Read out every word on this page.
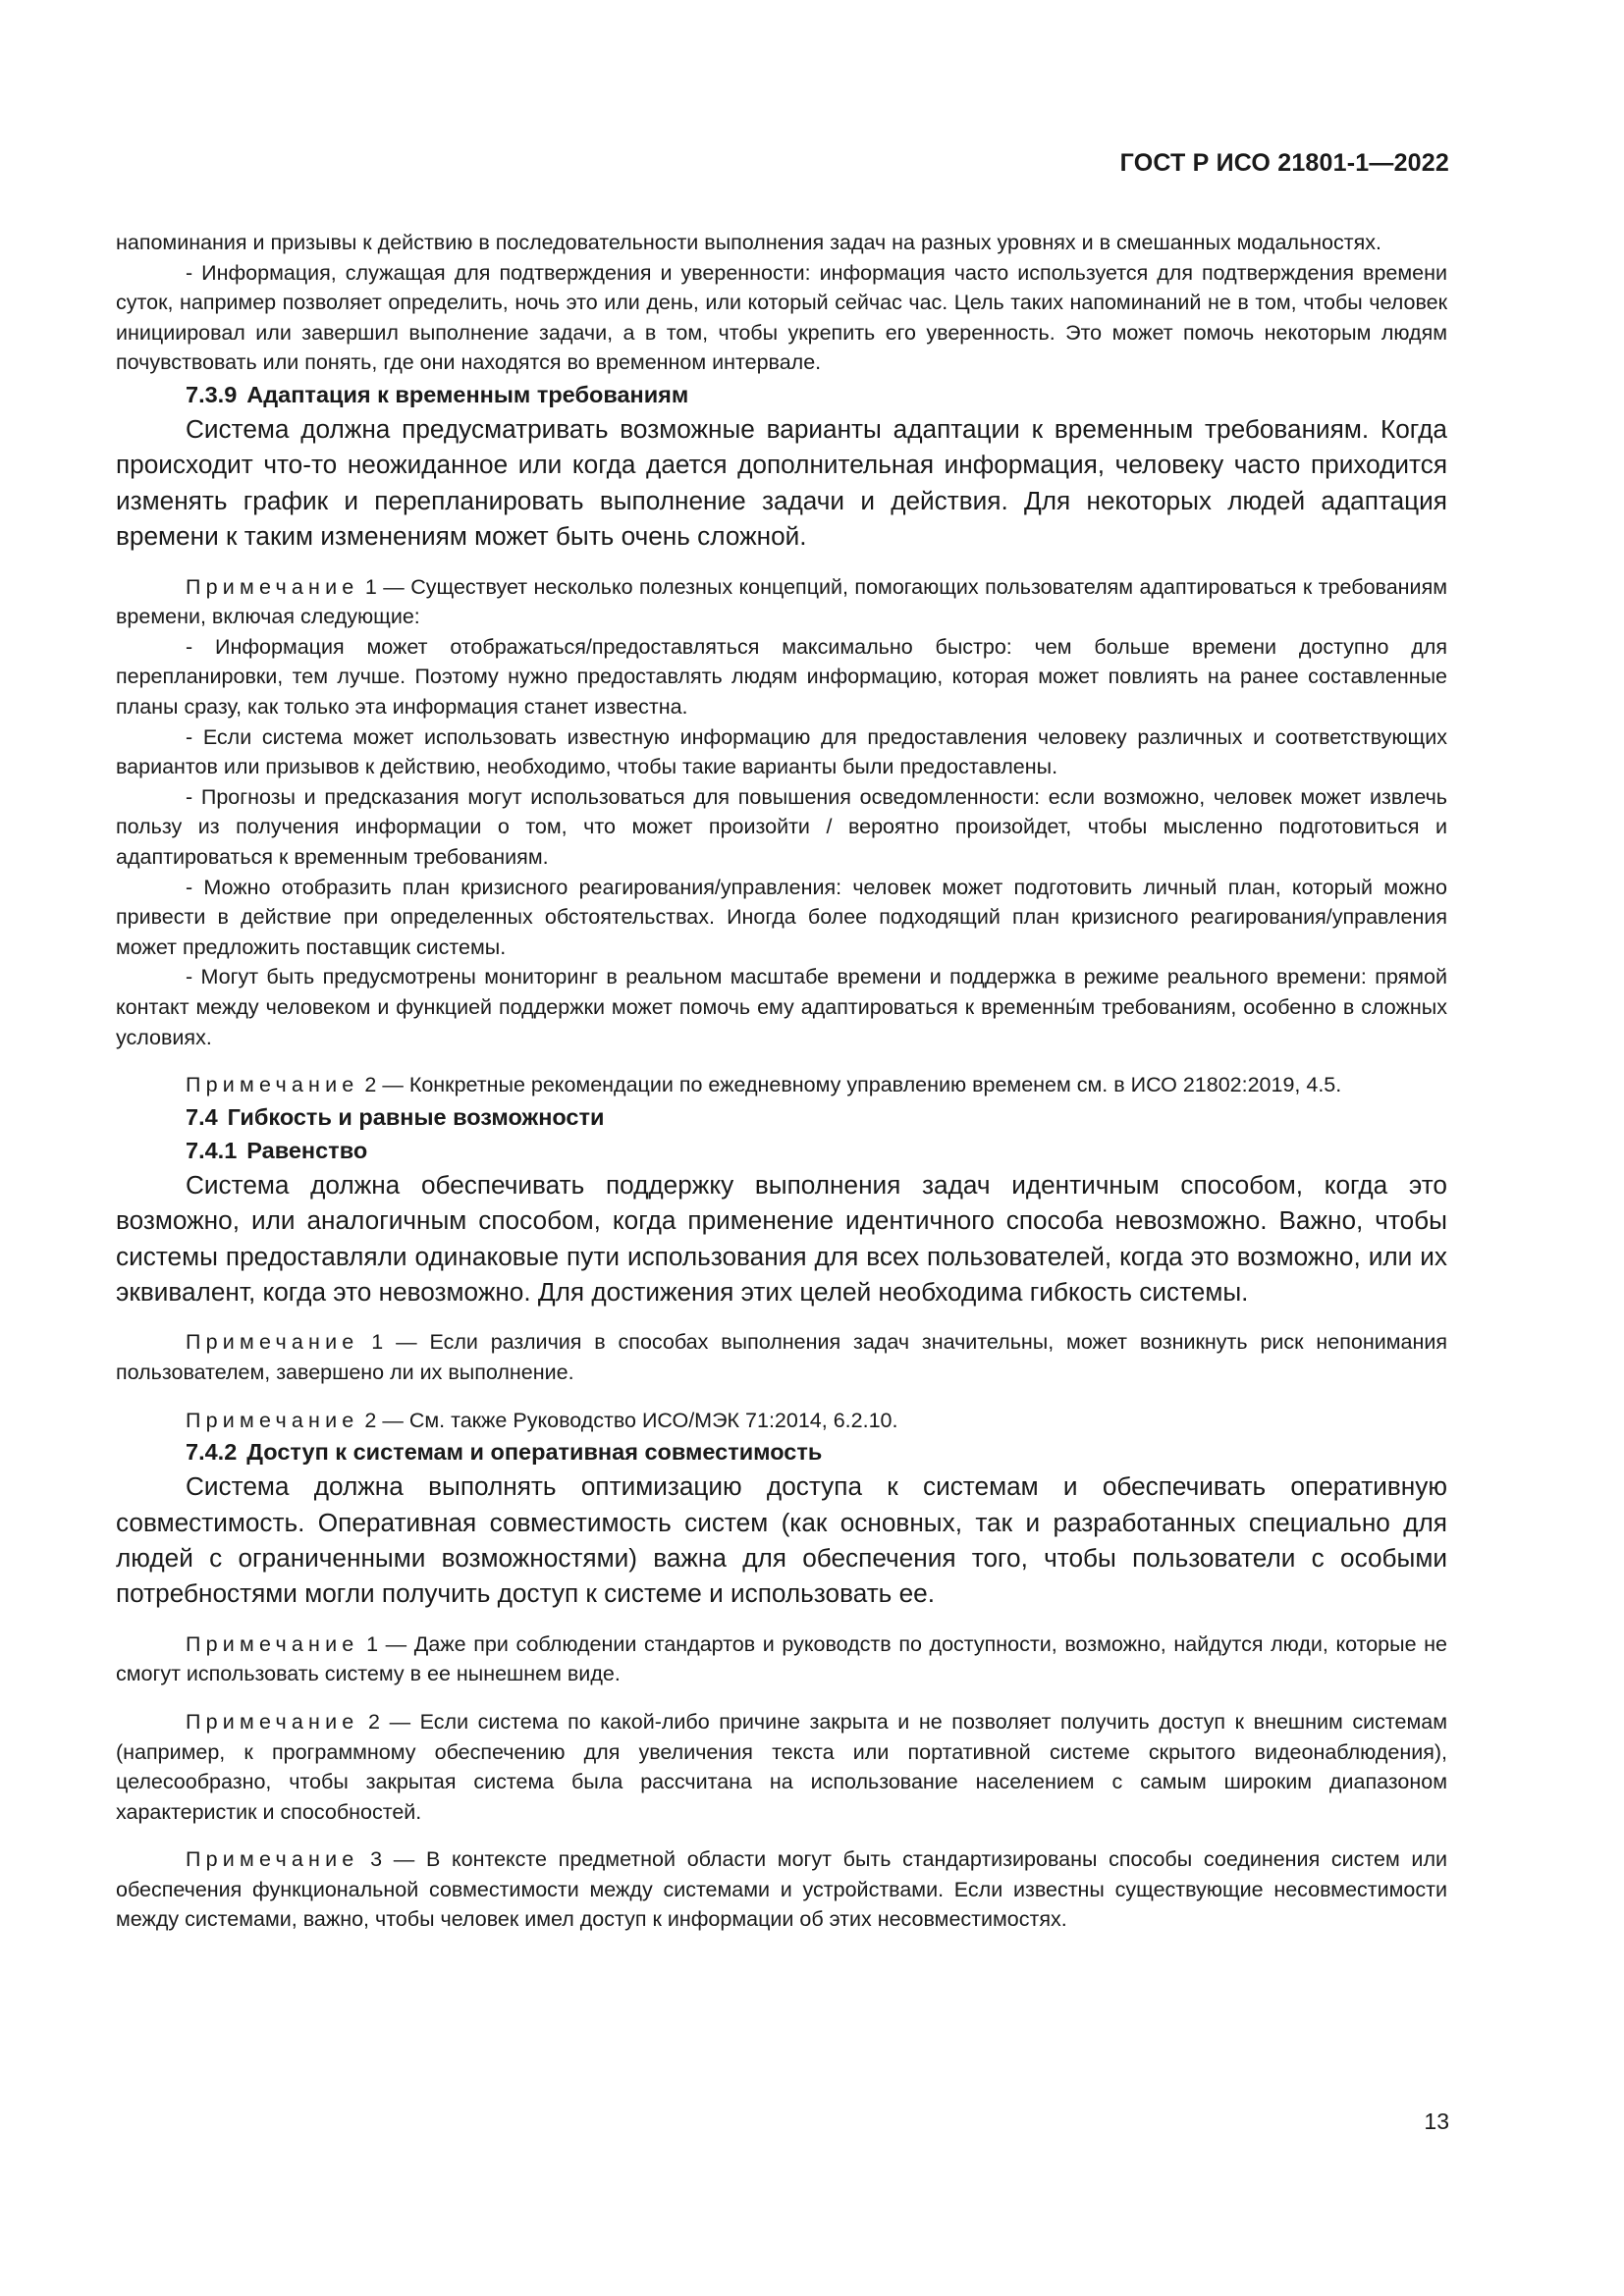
ГОСТ Р ИСО 21801-1—2022

напоминания и призывы к действию в последовательности выполнения задач на разных уровнях и в смешанных модальностях.

- Информация, служащая для подтверждения и уверенности: информация часто используется для подтверждения времени суток, например позволяет определить, ночь это или день, или который сейчас час. Цель таких напоминаний не в том, чтобы человек инициировал или завершил выполнение задачи, а в том, чтобы укрепить его уверенность. Это может помочь некоторым людям почувствовать или понять, где они находятся во временном интервале.

7.3.9 Адаптация к временным требованиям

Система должна предусматривать возможные варианты адаптации к временным требованиям. Когда происходит что-то неожиданное или когда дается дополнительная информация, человеку часто приходится изменять график и перепланировать выполнение задачи и действия. Для некоторых людей адаптация времени к таким изменениям может быть очень сложной.

Примечание 1 — Существует несколько полезных концепций, помогающих пользователям адаптироваться к требованиям времени, включая следующие:

- Информация может отображаться/предоставляться максимально быстро: чем больше времени доступно для перепланировки, тем лучше. Поэтому нужно предоставлять людям информацию, которая может повлиять на ранее составленные планы сразу, как только эта информация станет известна.

- Если система может использовать известную информацию для предоставления человеку различных и соответствующих вариантов или призывов к действию, необходимо, чтобы такие варианты были предоставлены.

- Прогнозы и предсказания могут использоваться для повышения осведомленности: если возможно, человек может извлечь пользу из получения информации о том, что может произойти / вероятно произойдет, чтобы мысленно подготовиться и адаптироваться к временным требованиям.

- Можно отобразить план кризисного реагирования/управления: человек может подготовить личный план, который можно привести в действие при определенных обстоятельствах. Иногда более подходящий план кризисного реагирования/управления может предложить поставщик системы.

- Могут быть предусмотрены мониторинг в реальном масштабе времени и поддержка в режиме реального времени: прямой контакт между человеком и функцией поддержки может помочь ему адаптироваться к временны́м требованиям, особенно в сложных условиях.

Примечание 2 — Конкретные рекомендации по ежедневному управлению временем см. в ИСО 21802:2019, 4.5.

7.4 Гибкость и равные возможности
7.4.1 Равенство

Система должна обеспечивать поддержку выполнения задач идентичным способом, когда это возможно, или аналогичным способом, когда применение идентичного способа невозможно. Важно, чтобы системы предоставляли одинаковые пути использования для всех пользователей, когда это возможно, или их эквивалент, когда это невозможно. Для достижения этих целей необходима гибкость системы.

Примечание 1 — Если различия в способах выполнения задач значительны, может возникнуть риск непонимания пользователем, завершено ли их выполнение.

Примечание 2 — См. также Руководство ИСО/МЭК 71:2014, 6.2.10.

7.4.2 Доступ к системам и оперативная совместимость

Система должна выполнять оптимизацию доступа к системам и обеспечивать оперативную совместимость. Оперативная совместимость систем (как основных, так и разработанных специально для людей с ограниченными возможностями) важна для обеспечения того, чтобы пользователи с особыми потребностями могли получить доступ к системе и использовать ее.

Примечание 1 — Даже при соблюдении стандартов и руководств по доступности, возможно, найдутся люди, которые не смогут использовать систему в ее нынешнем виде.

Примечание 2 — Если система по какой-либо причине закрыта и не позволяет получить доступ к внешним системам (например, к программному обеспечению для увеличения текста или портативной системе скрытого видеонаблюдения), целесообразно, чтобы закрытая система была рассчитана на использование населением с самым широким диапазоном характеристик и способностей.

Примечание 3 — В контексте предметной области могут быть стандартизированы способы соединения систем или обеспечения функциональной совместимости между системами и устройствами. Если известны существующие несовместимости между системами, важно, чтобы человек имел доступ к информации об этих несовместимостях.

13
